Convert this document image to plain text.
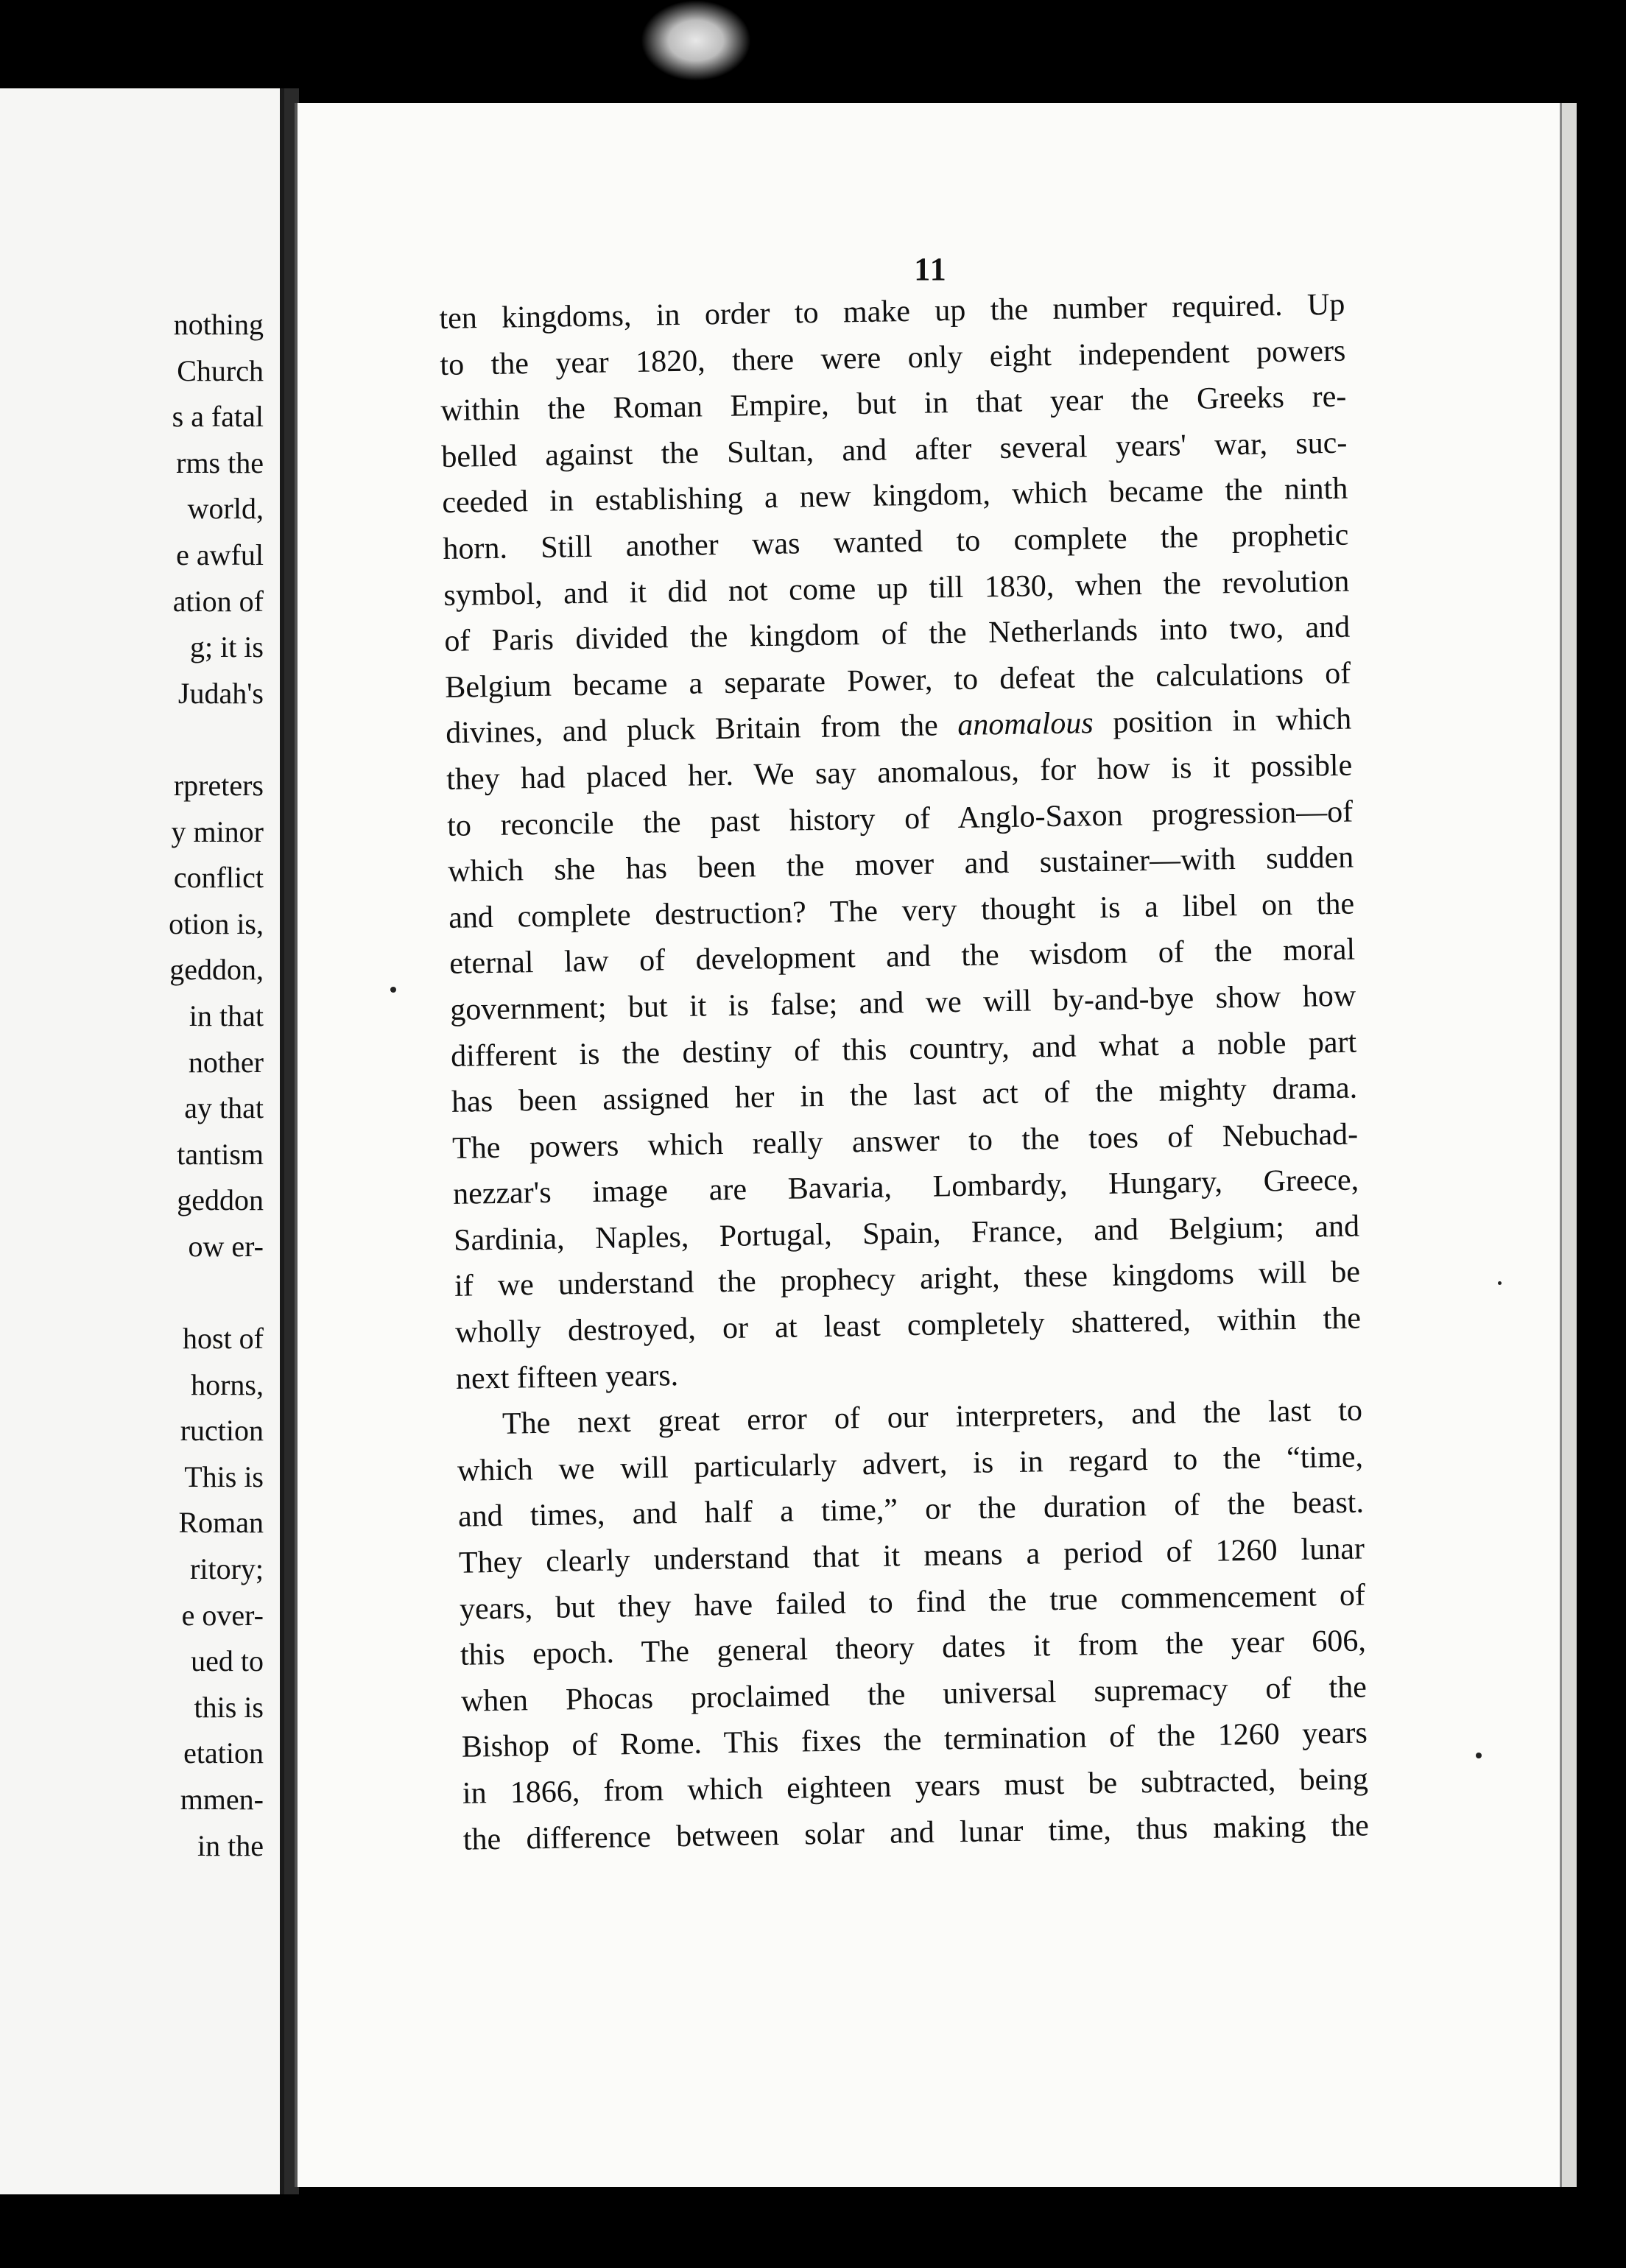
nothing
Church
s a fatal
rms the
world,
e awful
ation of
g; it is
Judah's
rpreters
y minor
conflict
otion is,
geddon,
in that
nother
ay that
tantism
geddon
ow er-
host of
horns,
ruction
This is
Roman
ritory;
e over-
ued to
this is
etation
mmen-
in the
11
ten kingdoms, in order to make up the number required. Up
to the year 1820, there were only eight independent powers
within the Roman Empire, but in that year the Greeks re-
belled against the Sultan, and after several years' war, suc-
ceeded in establishing a new kingdom, which became the ninth
horn. Still another was wanted to complete the prophetic
symbol, and it did not come up till 1830, when the revolution
of Paris divided the kingdom of the Netherlands into two, and
Belgium became a separate Power, to defeat the calculations of
divines, and pluck Britain from the anomalous position in which
they had placed her. We say anomalous, for how is it possible
to reconcile the past history of Anglo-Saxon progression—of
which she has been the mover and sustainer—with sudden
and complete destruction? The very thought is a libel on the
eternal law of development and the wisdom of the moral
government; but it is false; and we will by-and-bye show how
different is the destiny of this country, and what a noble part
has been assigned her in the last act of the mighty drama.
The powers which really answer to the toes of Nebuchad-
nezzar's image are Bavaria, Lombardy, Hungary, Greece,
Sardinia, Naples, Portugal, Spain, France, and Belgium; and
if we understand the prophecy aright, these kingdoms will be
wholly destroyed, or at least completely shattered, within the
next fifteen years.
The next great error of our interpreters, and the last to
which we will particularly advert, is in regard to the “time,
and times, and half a time,” or the duration of the beast.
They clearly understand that it means a period of 1260 lunar
years, but they have failed to find the true commencement of
this epoch. The general theory dates it from the year 606,
when Phocas proclaimed the universal supremacy of the
Bishop of Rome. This fixes the termination of the 1260 years
in 1866, from which eighteen years must be subtracted, being
the difference between solar and lunar time, thus making the
